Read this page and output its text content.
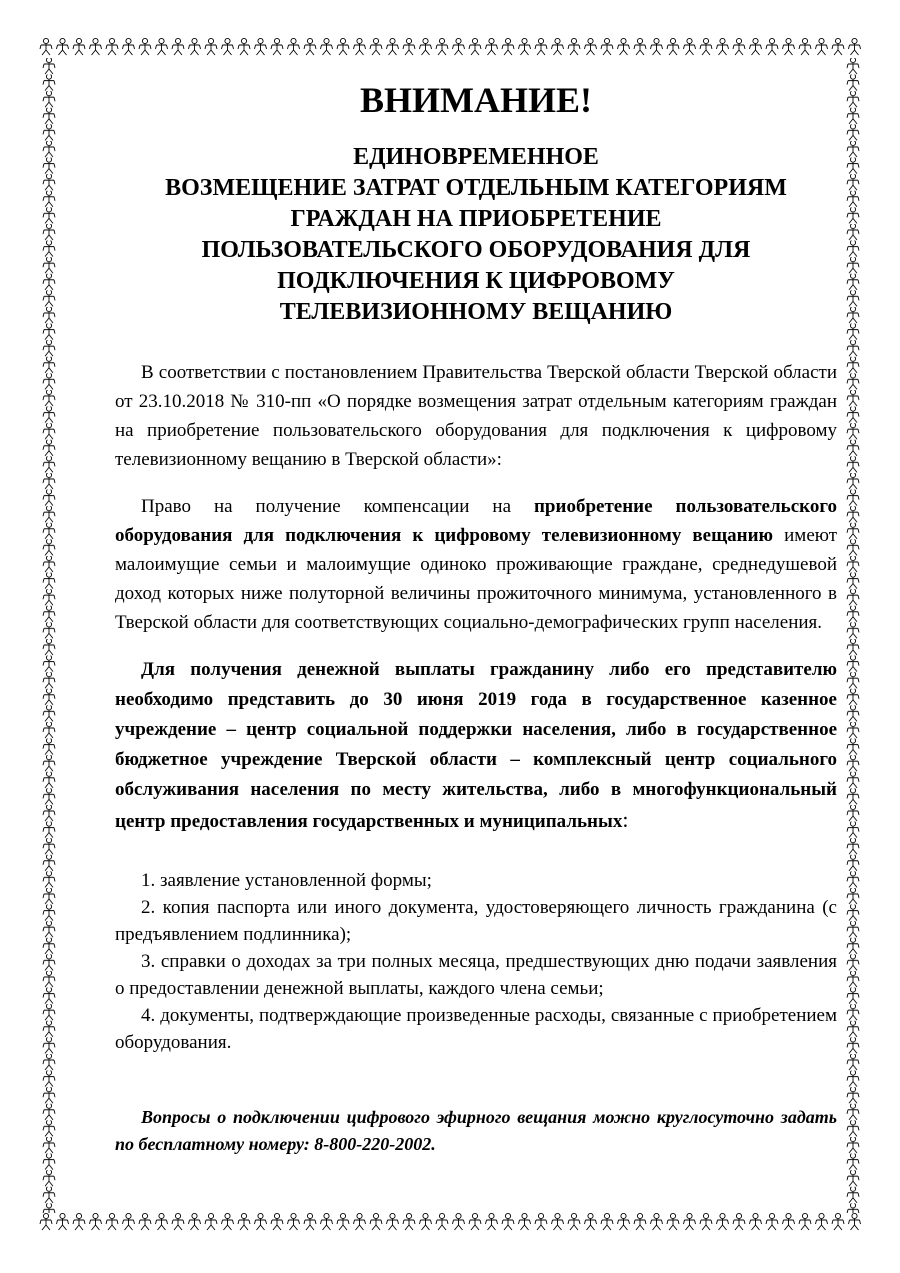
ВНИМАНИЕ!
ЕДИНОВРЕМЕННОЕ
ВОЗМЕЩЕНИЕ ЗАТРАТ ОТДЕЛЬНЫМ КАТЕГОРИЯМ
ГРАЖДАН НА ПРИОБРЕТЕНИЕ
ПОЛЬЗОВАТЕЛЬСКОГО ОБОРУДОВАНИЯ ДЛЯ
ПОДКЛЮЧЕНИЯ К ЦИФРОВОМУ
ТЕЛЕВИЗИОННОМУ ВЕЩАНИЮ

В соответствии с постановлением Правительства Тверской области Тверской области от 23.10.2018 № 310-пп «О порядке возмещения затрат отдельным категориям граждан на приобретение пользовательского оборудования для подключения к цифровому телевизионному вещанию в Тверской области»:

Право на получение компенсации на приобретение пользовательского оборудования для подключения к цифровому телевизионному вещанию имеют малоимущие семьи и малоимущие одиноко проживающие граждане, среднедушевой доход которых ниже полуторной величины прожиточного минимума, установленного в Тверской области для соответствующих социально-демографических групп населения.

Для получения денежной выплаты гражданину либо его представителю необходимо представить до 30 июня 2019 года в государственное казенное учреждение – центр социальной поддержки населения, либо в государственное бюджетное учреждение Тверской области – комплексный центр социального обслуживания населения по месту жительства, либо в многофункциональный центр предоставления государственных и муниципальных:

1. заявление установленной формы;

2. копия паспорта или иного документа, удостоверяющего личность гражданина (с предъявлением подлинника);

3. справки о доходах за три полных месяца, предшествующих дню подачи заявления о предоставлении денежной выплаты, каждого члена семьи;

4. документы, подтверждающие произведенные расходы, связанные с приобретением оборудования.

Вопросы о подключении цифрового эфирного вещания можно круглосуточно задать по бесплатному номеру: 8-800-220-2002.
